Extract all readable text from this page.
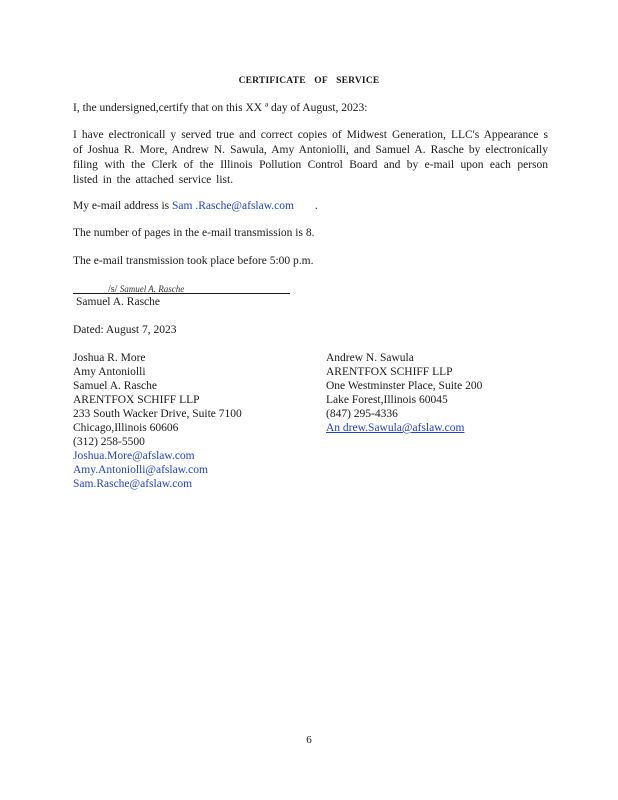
CERTIFICATE OF SERVICE
I, the undersigned,certify that on this XX ª day of August, 2023:
I have electronicall y served true and correct copies of Midwest Generation, LLC's Appearance s of Joshua R. More, Andrew N. Sawula, Amy Antoniolli, and Samuel A. Rasche by electronically filing with the Clerk of the Illinois Pollution Control Board and by e-mail upon each person listed in the attached service list.
My e-mail address is Sam .Rasche@afslaw.com .
The number of pages in the e-mail transmission is 8.
The e-mail transmission took place before 5:00 p.m.
/s/ Samuel A. Rasche
Samuel A. Rasche
Dated: August 7, 2023
Joshua R. More
Amy Antoniolli
Samuel A. Rasche
ARENTFOX SCHIFF LLP
233 South Wacker Drive, Suite 7100
Chicago,Illinois 60606
(312) 258-5500
Joshua.More@afslaw.com
Amy.Antoniolli@afslaw.com
Sam.Rasche@afslaw.com
Andrew N. Sawula
ARENTFOX SCHIFF LLP
One Westminster Place, Suite 200
Lake Forest,Illinois 60045
(847) 295-4336
An drew.Sawula@afslaw.com
6
